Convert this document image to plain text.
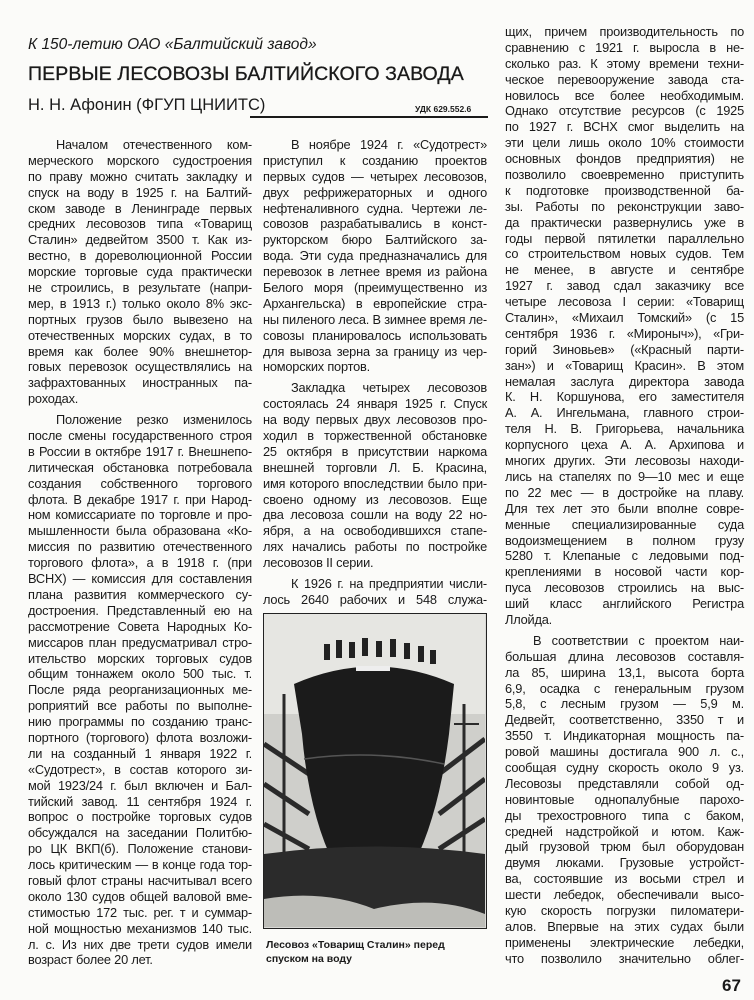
К 150-летию ОАО «Балтийский завод»
ПЕРВЫЕ ЛЕСОВОЗЫ БАЛТИЙСКОГО ЗАВОДА
Н. Н. Афонин (ФГУП ЦНИИТС)	УДК 629.552.6
Началом отечественного ком-
мерческого морского судостроения
по праву можно считать закладку и
спуск на воду в 1925 г. на Балтий-
ском заводе в Ленинграде первых
средних лесовозов типа «Товарищ
Сталин» дедвейтом 3500 т. Как из-
вестно, в дореволюционной России
морские торговые суда практически
не строились, в результате (напри-
мер, в 1913 г.) только около 8% экс-
портных грузов было вывезено на
отечественных морских судах, в то
время как более 90% внешнетор-
говых перевозок осуществлялись на
зафрахтованных иностранных па-
роходах.
Положение резко изменилось
после смены государственного строя
в России в октябре 1917 г. Внешнепо-
литическая обстановка потребовала
создания собственного торгового
флота. В декабре 1917 г. при Народ-
ном комиссариате по торговле и про-
мышленности была образована «Ко-
миссия по развитию отечественного
торгового флота», а в 1918 г. (при
ВСНХ) — комиссия для составления
плана развития коммерческого су-
достроения. Представленный ею на
рассмотрение Совета Народных Ко-
миссаров план предусматривал стро-
ительство морских торговых судов
общим тоннажем около 500 тыс. т.
После ряда реорганизационных ме-
роприятий все работы по выполне-
нию программы по созданию транс-
портного (торгового) флота возложи-
ли на созданный 1 января 1922 г.
«Судотрест», в состав которого зи-
мой 1923/24 г. был включен и Бал-
тийский завод. 11 сентября 1924 г.
вопрос о постройке торговых судов
обсуждался на заседании Политбю-
ро ЦК ВКП(б). Положение станови-
лось критическим — в конце года тор-
говый флот страны насчитывал всего
около 130 судов общей валовой вме-
стимостью 172 тыс. рег. т и суммар-
ной мощностью механизмов 140 тыс.
л. с. Из них две трети судов имели
возраст более 20 лет.
В ноябре 1924 г. «Судотрест»
приступил к созданию проектов
первых судов — четырех лесовозов,
двух рефрижераторных и одного
нефтеналивного судна. Чертежи ле-
совозов разрабатывались в конст-
рукторском бюро Балтийского за-
вода. Эти суда предназначались для
перевозок в летнее время из района
Белого моря (преимущественно из
Архангельска) в европейские стра-
ны пиленого леса. В зимнее время ле-
совозы планировалось использовать
для вывоза зерна за границу из чер-
номорских портов.
Закладка четырех лесовозов
состоялась 24 января 1925 г. Спуск
на воду первых двух лесовозов про-
ходил в торжественной обстановке
25 октября в присутствии наркома
внешней торговли Л. Б. Красина,
имя которого впоследствии было при-
своено одному из лесовозов. Еще
два лесовоза сошли на воду 22 но-
ября, а на освободившихся стапе-
лях начались работы по постройке
лесовозов II серии.
К 1926 г. на предприятии числи-
лось 2640 рабочих и 548 служа-
щих, причем производительность по
сравнению с 1921 г. выросла в не-
сколько раз. К этому времени техни-
ческое перевооружение завода ста-
новилось все более необходимым.
Однако отсутствие ресурсов (с 1925
по 1927 г. ВСНХ смог выделить на
эти цели лишь около 10% стоимости
основных фондов предприятия) не
позволило своевременно приступить
к подготовке производственной ба-
зы. Работы по реконструкции заво-
да практически развернулись уже в
годы первой пятилетки параллельно
со строительством новых судов. Тем
не менее, в августе и сентябре
1927 г. завод сдал заказчику все
четыре лесовоза I серии: «Товарищ
Сталин», «Михаил Томский» (с 15
сентября 1936 г. «Мироныч»), «Гри-
горий Зиновьев» («Красный парти-
зан») и «Товарищ Красин». В этом
немалая заслуга директора завода
К. Н. Коршунова, его заместителя
А. А. Ингельмана, главного строи-
теля Н. В. Григорьева, начальника
корпусного цеха А. А. Архипова и
многих других. Эти лесовозы находи-
лись на стапелях по 9—10 мес и еще
по 22 мес — в достройке на плаву.
Для тех лет это были вполне совре-
менные специализированные суда
водоизмещением в полном грузу
5280 т. Клепаные с ледовыми под-
креплениями в носовой части кор-
пуса лесовозов строились на выс-
ший класс английского Регистра
Ллойда.
В соответствии с проектом наи-
большая длина лесовозов составля-
ла 85, ширина 13,1, высота борта
6,9, осадка с генеральным грузом
5,8, с лесным грузом — 5,9 м.
Дедвейт, соответственно, 3350 т и
3550 т. Индикаторная мощность па-
ровой машины достигала 900 л. с.,
сообщая судну скорость около 9 уз.
Лесовозы представляли собой од-
новинтовые однопалубные парохо-
ды трехостровного типа с баком,
средней надстройкой и ютом. Каж-
дый грузовой трюм был оборудован
двумя люками. Грузовые устройст-
ва, состоявшие из восьми стрел и
шести лебедок, обеспечивали высо-
кую скорость погрузки пиломатери-
алов. Впервые на этих судах были
применены электрические лебедки,
что позволило значительно облег-
Лесовоз «Товарищ Сталин» перед спуском на воду
67
